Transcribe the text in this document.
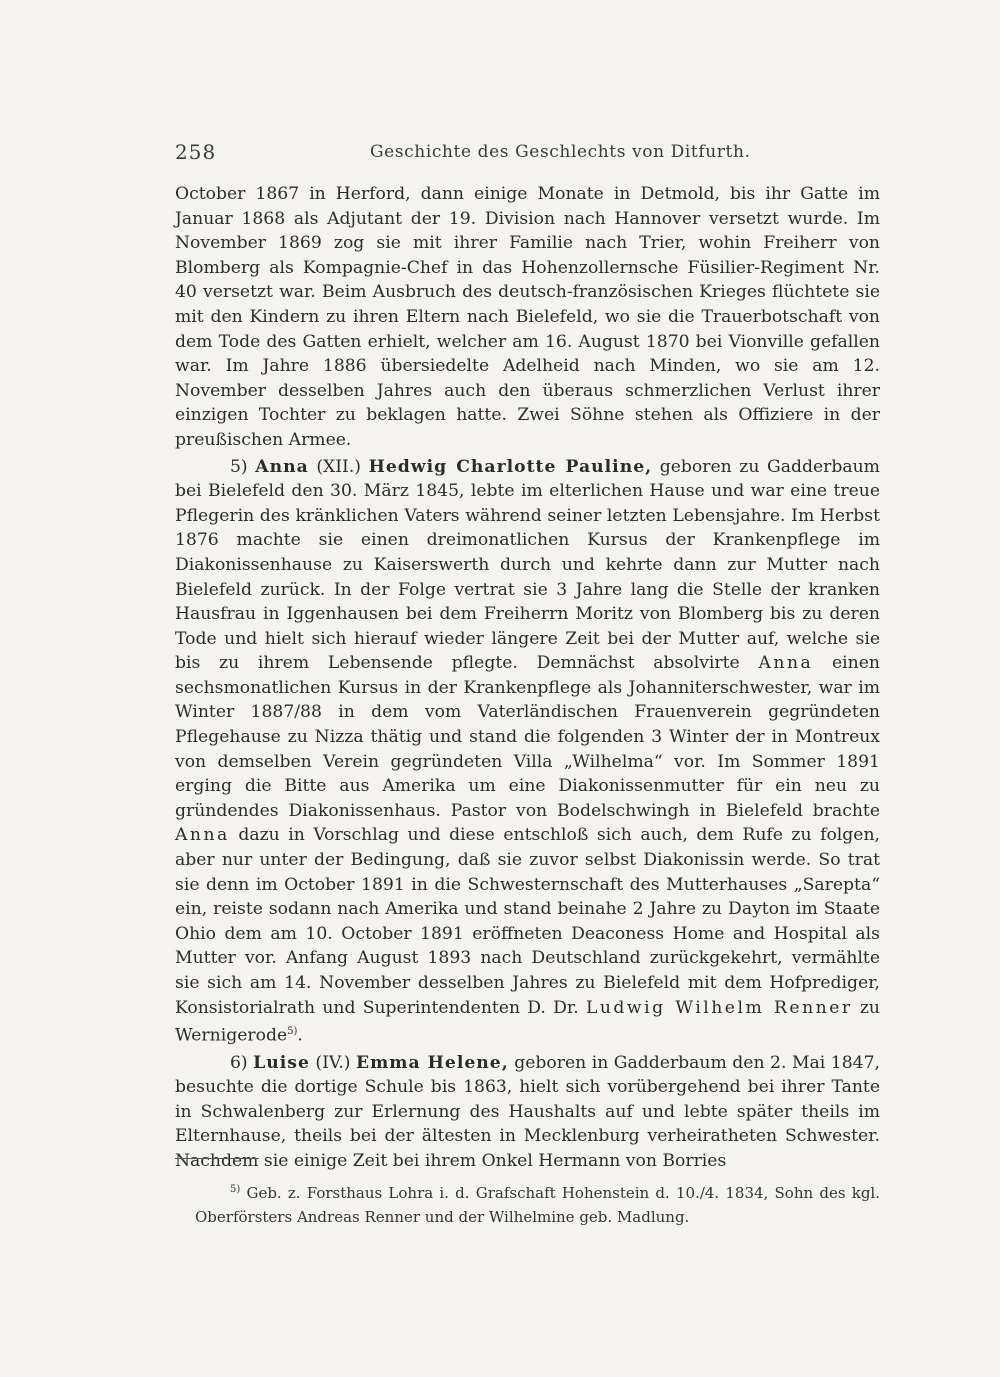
258	Geschichte des Geschlechts von Ditfurth.

October 1867 in Herford, dann einige Monate in Detmold, bis ihr Gatte im Januar 1868 als Adjutant der 19. Division nach Hannover versetzt wurde. Im November 1869 zog sie mit ihrer Familie nach Trier, wohin Freiherr von Blomberg als Kompagnie-Chef in das Hohenzollernsche Füsilier-Regiment Nr. 40 versetzt war. Beim Ausbruch des deutsch-französischen Krieges flüchtete sie mit den Kindern zu ihren Eltern nach Bielefeld, wo sie die Trauerbotschaft von dem Tode des Gatten erhielt, welcher am 16. August 1870 bei Vionville gefallen war. Im Jahre 1886 übersiedelte Adelheid nach Minden, wo sie am 12. November desselben Jahres auch den überaus schmerzlichen Verlust ihrer einzigen Tochter zu beklagen hatte. Zwei Söhne stehen als Offiziere in der preußischen Armee.

5) Anna (XII.) Hedwig Charlotte Pauline, geboren zu Gadderbaum bei Bielefeld den 30. März 1845, lebte im elterlichen Hause und war eine treue Pflegerin des kränklichen Vaters während seiner letzten Lebensjahre. Im Herbst 1876 machte sie einen dreimonatlichen Kursus der Krankenpflege im Diakonissenhause zu Kaiserswerth durch und kehrte dann zur Mutter nach Bielefeld zurück. In der Folge vertrat sie 3 Jahre lang die Stelle der kranken Hausfrau in Iggenhausen bei dem Freiherrn Moritz von Blomberg bis zu deren Tode und hielt sich hierauf wieder längere Zeit bei der Mutter auf, welche sie bis zu ihrem Lebensende pflegte. Demnächst absolvirte Anna einen sechsmonatlichen Kursus in der Krankenpflege als Johanniterschwester, war im Winter 1887/88 in dem vom Vaterländischen Frauenverein gegründeten Pflegehause zu Nizza thätig und stand die folgenden 3 Winter der in Montreux von demselben Verein gegründeten Villa „Wilhelma“ vor. Im Sommer 1891 erging die Bitte aus Amerika um eine Diakonissenmutter für ein neu zu gründendes Diakonissenhaus. Pastor von Bodelschwingh in Bielefeld brachte Anna dazu in Vorschlag und diese entschloß sich auch, dem Rufe zu folgen, aber nur unter der Bedingung, daß sie zuvor selbst Diakonissin werde. So trat sie denn im October 1891 in die Schwesternschaft des Mutterhauses „Sarepta“ ein, reiste sodann nach Amerika und stand beinahe 2 Jahre zu Dayton im Staate Ohio dem am 10. October 1891 eröffneten Deaconess Home and Hospital als Mutter vor. Anfang August 1893 nach Deutschland zurückgekehrt, vermählte sie sich am 14. November desselben Jahres zu Bielefeld mit dem Hofprediger, Konsistorialrath und Superintendenten D. Dr. Ludwig Wilhelm Renner zu Wernigerode$^{5)}$.

6) Luise (IV.) Emma Helene, geboren in Gadderbaum den 2. Mai 1847, besuchte die dortige Schule bis 1863, hielt sich vorübergehend bei ihrer Tante in Schwalenberg zur Erlernung des Haushalts auf und lebte später theils im Elternhause, theils bei der ältesten in Mecklenburg verheiratheten Schwester. Nachdem sie einige Zeit bei ihrem Onkel Hermann von Borries

$^{5)}$ Geb. z. Forsthaus Lohra i. d. Grafschaft Hohenstein d. 10./4. 1834, Sohn des kgl. Oberförsters Andreas Renner und der Wilhelmine geb. Madlung.
